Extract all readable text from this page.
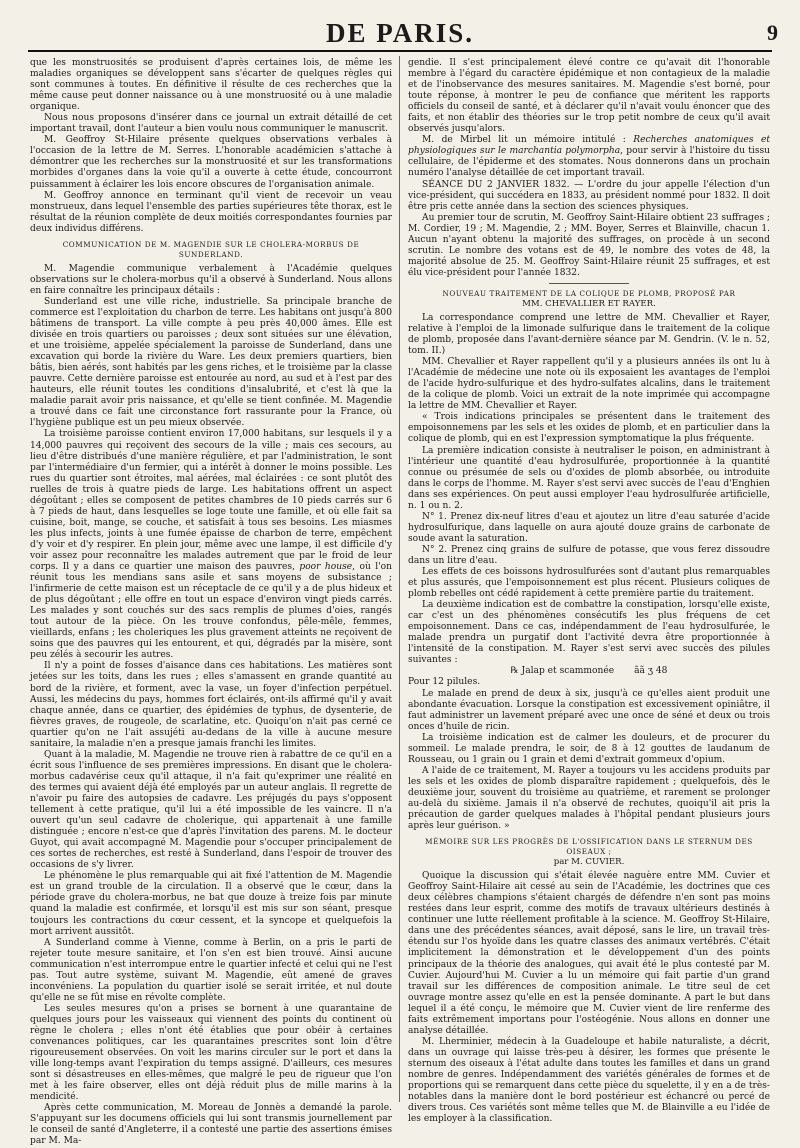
DE PARIS.	9

que les monstruosités se produisent d'après certaines lois, de même les maladies organiques se développent sans s'écarter de quelques règles qui sont communes à toutes. En définitive il résulte de ces recherches que la même cause peut donner naissance ou à une monstruosité ou à une maladie organique.

Nous nous proposons d'insérer dans ce journal un extrait détaillé de cet important travail, dont l'auteur a bien voulu nous communiquer le manuscrit.

M. Geoffroy St-Hilaire présente quelques observations verbales à l'occasion de la lettre de M. Serres. L'honorable académicien s'attache à démontrer que les recherches sur la monstruosité et sur les transformations morbides d'organes dans la voie qu'il a ouverte à cette étude, concourront puissamment à éclairer les lois encore obscures de l'organisation animale.

M. Geoffroy annonce en terminant qu'il vient de recevoir un veau monstrueux, dans lequel l'ensemble des parties supérieures tête thorax, est le résultat de la réunion complète de deux moitiés correspondantes fournies par deux individus différens.

COMMUNICATION DE M. MAGENDIE SUR LE CHOLERA-MORBUS DE SUNDERLAND.

M. Magendie communique verbalement à l'Académie quelques observations sur le cholera-morbus qu'il a observé à Sunderland. Nous allons en faire connaître les principaux détails :

Sunderland est une ville riche, industrielle. Sa principale branche de commerce est l'exploitation du charbon de terre. Les habitans ont jusqu'à 800 bâtimens de transport. La ville compte à peu près 40,000 âmes. Elle est divisée en trois quartiers ou paroisses ; deux sont situées sur une élévation, et une troisième, appelée spécialement la paroisse de Sunderland, dans une excavation qui borde la rivière du Ware. Les deux premiers quartiers, bien bâtis, bien aérés, sont habités par les gens riches, et le troisième par la classe pauvre. Cette dernière paroisse est entourée au nord, au sud et à l'est par des hauteurs, elle réunit toutes les conditions d'insalubrité, et c'est là que la maladie parait avoir pris naissance, et qu'elle se tient confinée. M. Magendie a trouvé dans ce fait une circonstance fort rassurante pour la France, où l'hygiène publique est un peu mieux observée.

La troisième paroisse contient environ 17,000 habitans, sur lesquels il y a 14,000 pauvres qui reçoivent des secours de la ville ; mais ces secours, au lieu d'être distribués d'une manière régulière, et par l'administration, le sont par l'intermédiaire d'un fermier, qui a intérêt à donner le moins possible. Les rues du quartier sont étroites, mal aérées, mal éclairées : ce sont plutôt des ruelles de trois à quatre pieds de large. Les habitations offrent un aspect dégoûtant ; elles se composent de petites chambres de 10 pieds carrés sur 6 à 7 pieds de haut, dans lesquelles se loge toute une famille, et où elle fait sa cuisine, boit, mange, se couche, et satisfait à tous ses besoins. Les miasmes les plus infects, joints à une fumée épaisse de charbon de terre, empêchent d'y voir et d'y respirer. En plein jour, même avec une lampe, il est difficile d'y voir assez pour reconnaître les malades autrement que par le froid de leur corps. Il y a dans ce quartier une maison des pauvres, poor house, où l'on réunit tous les mendians sans asile et sans moyens de subsistance ; l'infirmerie de cette maison est un réceptacle de ce qu'il y a de plus hideux et de plus dégoûtant ; elle offre en tout un espace d'environ vingt pieds carrés. Les malades y sont couchés sur des sacs remplis de plumes d'oies, rangés tout autour de la pièce. On les trouve confondus, pêle-mêle, femmes, vieillards, enfans ; les choleriques les plus gravement atteints ne reçoivent de soins que des pauvres qui les entourent, et qui, dégradés par la misère, sont peu zélés à secourir les autres.

Il n'y a point de fosses d'aisance dans ces habitations. Les matières sont jetées sur les toits, dans les rues ; elles s'amassent en grande quantité au bord de la rivière, et forment, avec la vase, un foyer d'infection perpétuel. Aussi, les médecins du pays, hommes fort éclairés, ont-ils affirmé qu'il y avait chaque année, dans ce quartier, des épidémies de typhus, de dysenterie, de fièvres graves, de rougeole, de scarlatine, etc. Quoiqu'on n'ait pas cerné ce quartier qu'on ne l'ait assujéti au-dedans de la ville à aucune mesure sanitaire, la maladie n'en a presque jamais franchi les limites.

Quant à la maladie, M. Magendie ne trouve rien à rabattre de ce qu'il en a écrit sous l'influence de ses premières impressions. En disant que le cholera-morbus cadavérise ceux qu'il attaque, il n'a fait qu'exprimer une réalité en des termes qui avaient déjà été employés par un auteur anglais. Il regrette de n'avoir pu faire des autopsies de cadavre. Les préjugés du pays s'opposent tellement à cette pratique, qu'il lui a été impossible de les vaincre. Il n'a ouvert qu'un seul cadavre de cholerique, qui appartenait à une famille distinguée ; encore n'est-ce que d'après l'invitation des parens. M. le docteur Guyot, qui avait accompagné M. Magendie pour s'occuper principalement de ces sortes de recherches, est resté à Sunderland, dans l'espoir de trouver des occasions de s'y livrer.

Le phénomène le plus remarquable qui ait fixé l'attention de M. Magendie est un grand trouble de la circulation. Il a observé que le cœur, dans la période grave du cholera-morbus, ne bat que douze à treize fois par minute quand la maladie est confirmée, et lorsqu'il est mis sur son séant, presque toujours les contractions du cœur cessent, et la syncope et quelquefois la mort arrivent aussitôt.

A Sunderland comme à Vienne, comme à Berlin, on a pris le parti de rejeter toute mesure sanitaire, et l'on s'en est bien trouvé. Ainsi aucune communication n'est interrompue entre le quartier infecté et celui qui ne l'est pas. Tout autre système, suivant M. Magendie, eût amené de graves inconvéniens. La population du quartier isolé se serait irritée, et nul doute qu'elle ne se fût mise en révolte complète.

Les seules mesures qu'on a prises se bornent à une quarantaine de quelques jours pour les vaisseaux qui viennent des points du continent où règne le cholera ; elles n'ont été établies que pour obéir à certaines convenances politiques, car les quarantaines prescrites sont loin d'être rigoureusement observées. On voit les marins circuler sur le port et dans la ville long-temps avant l'expiration du temps assigné. D'ailleurs, ces mesures sont si désastreuses en elles-mêmes, que malgré le peu de rigueur que l'on met à les faire observer, elles ont déjà réduit plus de mille marins à la mendicité.

Après cette communication, M. Moreau de Jonnès a demandé la parole. S'appuyant sur les documens officiels qui lui sont transmis journellement par le conseil de santé d'Angleterre, il a contesté une partie des assertions émises par M. Ma-

gendie. Il s'est principalement élevé contre ce qu'avait dit l'honorable membre à l'égard du caractère épidémique et non contagieux de la maladie et de l'inobservance des mesures sanitaires. M. Magendie s'est borné, pour toute réponse, à montrer le peu de confiance que méritent les rapports officiels du conseil de santé, et à déclarer qu'il n'avait voulu énoncer que des faits, et non établir des théories sur le trop petit nombre de ceux qu'il avait observés jusqu'alors.

M. de Mirbel lit un mémoire intitulé : Recherches anatomiques et physiologiques sur le marchantia polymorpha, pour servir à l'histoire du tissu cellulaire, de l'épiderme et des stomates. Nous donnerons dans un prochain numéro l'analyse détaillée de cet important travail.

SÉANCE DU 2 JANVIER 1832. — L'ordre du jour appelle l'élection d'un vice-président, qui succédera en 1833, au président nommé pour 1832. Il doit être pris cette année dans la section des sciences physiques.

Au premier tour de scrutin, M. Geoffroy Saint-Hilaire obtient 23 suffrages ; M. Cordier, 19 ; M. Magendie, 2 ; MM. Boyer, Serres et Blainville, chacun 1. Aucun n'ayant obtenu la majorité des suffrages, on procède à un second scrutin. Le nombre des votans est de 49, le nombre des votes de 48, la majorité absolue de 25. M. Geoffroy Saint-Hilaire réunit 25 suffrages, et est élu vice-président pour l'année 1832.

NOUVEAU TRAITEMENT DE LA COLIQUE DE PLOMB, PROPOSÉ PAR
MM. CHEVALLIER ET RAYER.

La correspondance comprend une lettre de MM. Chevallier et Rayer, relative à l'emploi de la limonade sulfurique dans le traitement de la colique de plomb, proposée dans l'avant-dernière séance par M. Gendrin. (V. le n. 52, tom. II.)

MM. Chevallier et Rayer rappellent qu'il y a plusieurs années ils ont lu à l'Académie de médecine une note où ils exposaient les avantages de l'emploi de l'acide hydro-sulfurique et des hydro-sulfates alcalins, dans le traitement de la colique de plomb. Voici un extrait de la note imprimée qui accompagne la lettre de MM. Chevallier et Rayer.

« Trois indications principales se présentent dans le traitement des empoisonnemens par les sels et les oxides de plomb, et en particulier dans la colique de plomb, qui en est l'expression symptomatique la plus fréquente.

La première indication consiste à neutraliser le poison, en administrant à l'intérieur une quantité d'eau hydrosulfurée, proportionnée à la quantité connue ou présumée de sels ou d'oxides de plomb absorbée, ou introduite dans le corps de l'homme. M. Rayer s'est servi avec succès de l'eau d'Enghien dans ses expériences. On peut aussi employer l'eau hydrosulfurée artificielle, n. 1 ou n. 2.

N° 1. Prenez dix-neuf litres d'eau et ajoutez un litre d'eau saturée d'acide hydrosulfurique, dans laquelle on aura ajouté douze grains de carbonate de soude avant la saturation.

N° 2. Prenez cinq grains de sulfure de potasse, que vous ferez dissoudre dans un litre d'eau.

Les effets de ces boissons hydrosulfurées sont d'autant plus remarquables et plus assurés, que l'empoisonnement est plus récent. Plusieurs coliques de plomb rebelles ont cédé rapidement à cette première partie du traitement.

La deuxième indication est de combattre la constipation, lorsqu'elle existe, car c'est un des phénomènes consécutifs les plus fréquens de cet empoisonnement. Dans ce cas, indépendamment de l'eau hydrosulfurée, le malade prendra un purgatif dont l'activité devra être proportionnée à l'intensité de la constipation. M. Rayer s'est servi avec succès des pilules suivantes :

℞ Jalap et scammonée ãã ʒ 48

Pour 12 pilules.

Le malade en prend de deux à six, jusqu'à ce qu'elles aient produit une abondante évacuation. Lorsque la constipation est excessivement opiniâtre, il faut administrer un lavement préparé avec une once de séné et deux ou trois onces d'huile de ricin.

La troisième indication est de calmer les douleurs, et de procurer du sommeil. Le malade prendra, le soir, de 8 à 12 gouttes de laudanum de Rousseau, ou 1 grain ou 1 grain et demi d'extrait gommeux d'opium.

A l'aide de ce traitement, M. Rayer a toujours vu les accidens produits par les sels et les oxides de plomb disparaître rapidement ; quelquefois, dès le deuxième jour, souvent du troisième au quatrième, et rarement se prolonger au-delà du sixième. Jamais il n'a observé de rechutes, quoiqu'il ait pris la précaution de garder quelques malades à l'hôpital pendant plusieurs jours après leur guérison. »

MÉMOIRE SUR LES PROGRÈS DE L'OSSIFICATION DANS LE STERNUM DES OISEAUX ;
par M. CUVIER.

Quoique la discussion qui s'était élevée naguère entre MM. Cuvier et Geoffroy Saint-Hilaire ait cessé au sein de l'Académie, les doctrines que ces deux célèbres champions s'étaient chargés de défendre n'en sont pas moins restées dans leur esprit, comme des motifs de travaux ultérieurs destinés à continuer une lutte réellement profitable à la science. M. Geoffroy St-Hilaire, dans une des précédentes séances, avait déposé, sans le lire, un travail très-étendu sur l'os hyoïde dans les quatre classes des animaux vertébrés. C'était implicitement la démonstration et le développement d'un des points principaux de la théorie des analogues, qui avait été le plus contesté par M. Cuvier. Aujourd'hui M. Cuvier a lu un mémoire qui fait partie d'un grand travail sur les différences de composition animale. Le titre seul de cet ouvrage montre assez qu'elle en est la pensée dominante. A part le but dans lequel il a été conçu, le mémoire que M. Cuvier vient de lire renferme des faits extrêmement importans pour l'ostéogénie. Nous allons en donner une analyse détaillée.

M. Lherminier, médecin à la Guadeloupe et habile naturaliste, a décrit, dans un ouvrage qui laisse très-peu à désirer, les formes que présente le sternum des oiseaux à l'état adulte dans toutes les familles et dans un grand nombre de genres. Indépendamment des variétés générales de formes et de proportions qui se remarquent dans cette pièce du squelette, il y en a de très-notables dans la manière dont le bord postérieur est échancré ou percé de divers trous. Ces variétés sont même telles que M. de Blainville a eu l'idée de les employer à la classification.
